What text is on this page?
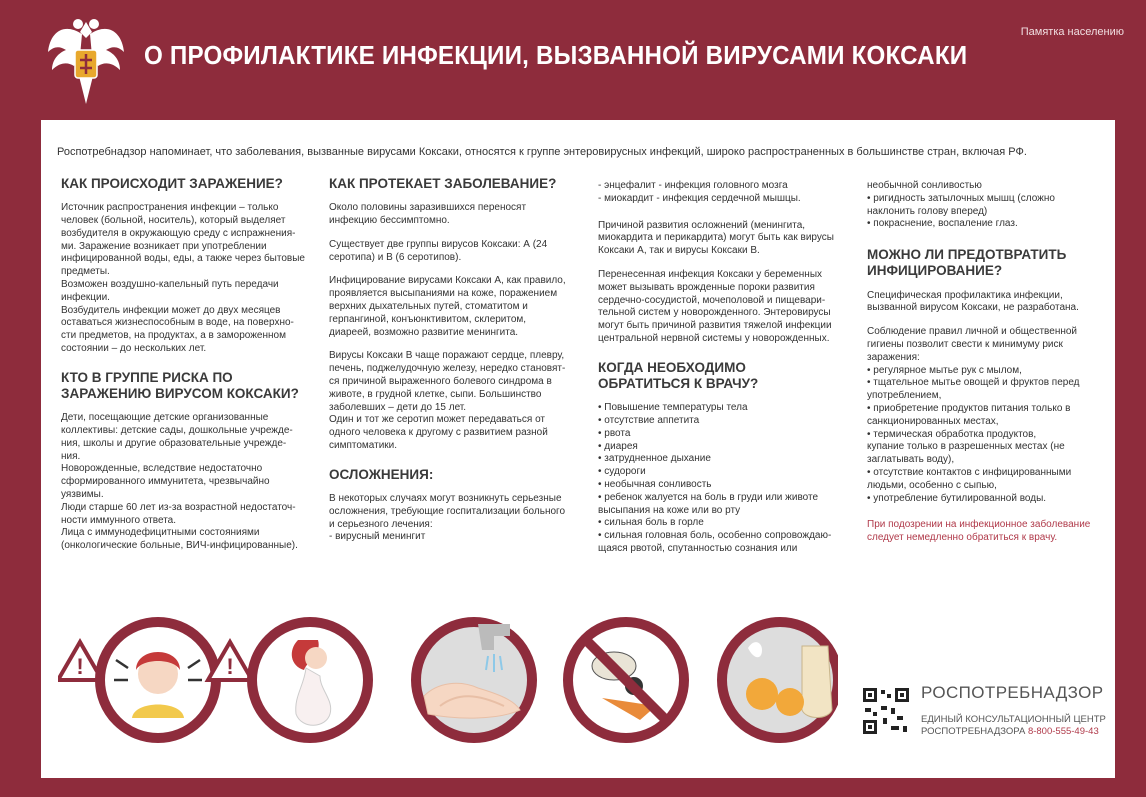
О ПРОФИЛАКТИКЕ ИНФЕКЦИИ, ВЫЗВАННОЙ ВИРУСАМИ КОКСАКИ
Памятка населению
Роспотребнадзор напоминает, что заболевания, вызванные вирусами Коксаки, относятся к группе энтеровирусных инфекций, широко распространенных в большинстве стран, включая РФ.
КАК ПРОИСХОДИТ ЗАРАЖЕНИЕ?

Источник распространения инфекции – только человек (больной, носитель), который выделяет возбудителя в окружающую среду с испражнения-ми. Заражение возникает при употреблении инфицированной воды, еды, а также через бытовые предметы.

Возможен воздушно-капельный путь передачи инфекции.

Возбудитель инфекции может до двух месяцев оставаться жизнеспособным в воде, на поверхно-сти предметов, на продуктах, а в замороженном состоянии – до нескольких лет.

КТО В ГРУППЕ РИСКА ПО ЗАРАЖЕНИЮ ВИРУСОМ КОКСАКИ?

Дети, посещающие детские организованные коллективы: детские сады, дошкольные учрежде-ния, школы и другие образовательные учрежде-ния.

Новорожденные, вследствие недостаточно сформированного иммунитета, чрезвычайно уязвимы.

Люди старше 60 лет из-за возрастной недостаточ-ности иммунного ответа.

Лица с иммунодефицитными состояниями (онкологические больные, ВИЧ-инфицированные).

КАК ПРОТЕКАЕТ ЗАБОЛЕВАНИЕ?

Около половины заразившихся переносят инфекцию бессимптомно.

Существует две группы вирусов Коксаки: А (24 серотипа) и В (6 серотипов).

Инфицирование вирусами Коксаки А, как правило, проявляется высыпаниями на коже, поражением верхних дыхательных путей, стоматитом и герпангиной, конъюнктивитом, склеритом, диареей, возможно развитие менингита.

Вирусы Коксаки В чаще поражают сердце, плевру, печень, поджелудочную железу, нередко становят-ся причиной выраженного болевого синдрома в животе, в грудной клетке, сыпи. Большинство заболевших – дети до 15 лет.

Один и тот же серотип может передаваться от одного человека к другому с развитием разной симптоматики.

ОСЛОЖНЕНИЯ:

В некоторых случаях могут возникнуть серьезные осложнения, требующие госпитализации больного и серьезного лечения:

- вирусный менингит

- энцефалит - инфекция головного мозга

- миокардит - инфекция сердечной мышцы.

Причиной развития осложнений (менингита, миокардита и перикардита) могут быть как вирусы Коксаки А, так и вирусы Коксаки В.

Перенесенная инфекция Коксаки у беременных может вызывать врожденные пороки развития сердечно-сосудистой, мочеполовой и пищевари-тельной систем у новорожденного. Энтеровирусы могут быть причиной развития тяжелой инфекции центральной нервной системы у новорожденных.

КОГДА НЕОБХОДИМО ОБРАТИТЬСЯ К ВРАЧУ?
• Повышение температуры тела
• отсутствие аппетита
• рвота
• диарея
• затрудненное дыхание
• судороги
• необычная сонливость
• ребенок жалуется на боль в груди или животе
высыпания на коже или во рту
• сильная боль в горле
• сильная головная боль, особенно сопровождаю-
щаяся рвотой, спутанностью сознания или
необычной сонливостью
• ригидность затылочных мышц (сложно
наклонить голову вперед)
• покраснение, воспаление глаз.
МОЖНО ЛИ ПРЕДОТВРАТИТЬ ИНФИЦИРОВАНИЕ?

Специфическая профилактика инфекции, вызванной вирусом Коксаки, не разработана.

Соблюдение правил личной и общественной гигиены позволит свести к минимуму риск заражения:

• регулярное мытье рук с мылом,
• тщательное мытье овощей и фруктов перед
употреблением,
• приобретение продуктов питания только в
санкционированных местах,
• термическая обработка продуктов,
купание только в разрешенных местах (не
заглатывать воду),
• отсутствие контактов с инфицированными
людьми, особенно с сыпью,
• употребление бутилированной воды.

При подозрении на инфекционное заболевание следует немедленно обратиться к врачу.

!	!
РОСПОТРЕБНАДЗОР
ЕДИНЫЙ КОНСУЛЬТАЦИОННЫЙ ЦЕНТР
РОСПОТРЕБНАДЗОРА 8-800-555-49-43
